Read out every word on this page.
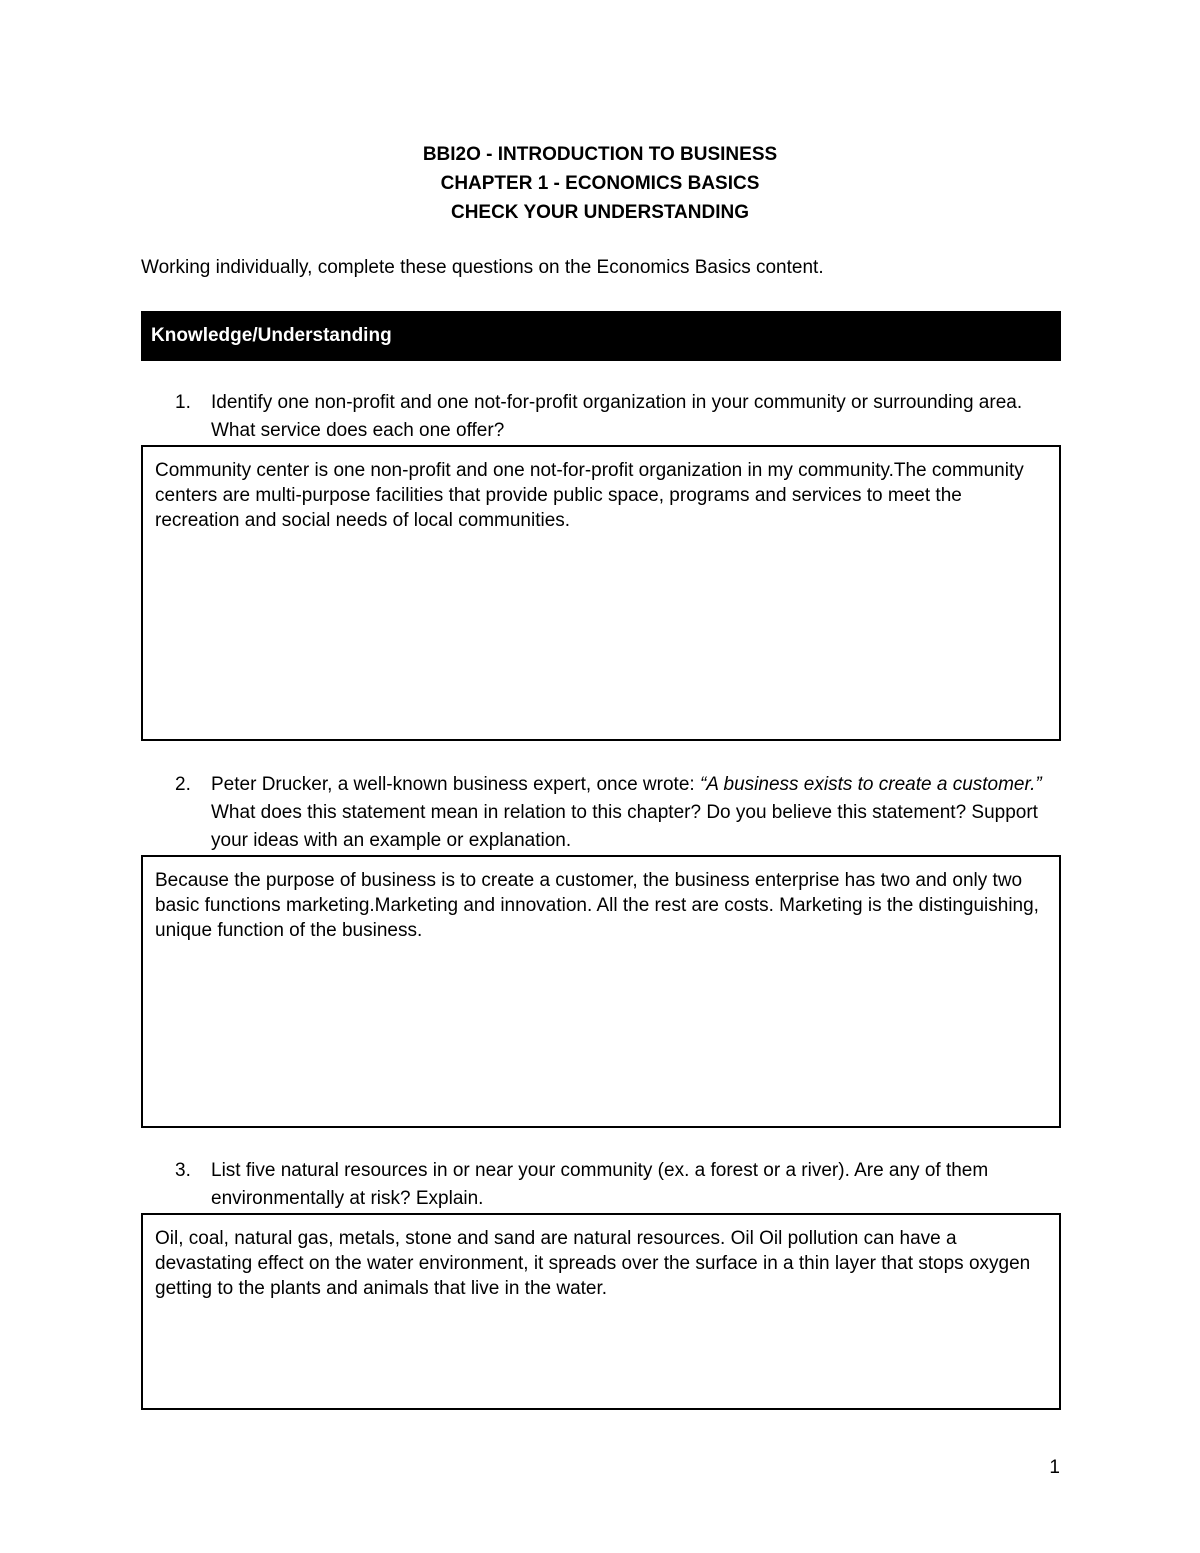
BBI2O - INTRODUCTION TO BUSINESS
CHAPTER 1 - ECONOMICS BASICS
CHECK YOUR UNDERSTANDING
Working individually, complete these questions on the Economics Basics content.
Knowledge/Understanding
1. Identify one non-profit and one not-for-profit organization in your community or surrounding area. What service does each one offer?
Community center is one non-profit and one not-for-profit organization in my community.The community centers are multi-purpose facilities that provide public space, programs and services to meet the recreation and social needs of local communities.
2. Peter Drucker, a well-known business expert, once wrote: “A business exists to create a customer.” What does this statement mean in relation to this chapter? Do you believe this statement? Support your ideas with an example or explanation.
Because the purpose of business is to create a customer, the business enterprise has two and only two basic functions marketing.Marketing and innovation. All the rest are costs. Marketing is the distinguishing, unique function of the business.
3. List five natural resources in or near your community (ex. a forest or a river). Are any of them environmentally at risk? Explain.
Oil, coal, natural gas, metals, stone and sand are natural resources. Oil Oil pollution can have a devastating effect on the water environment, it spreads over the surface in a thin layer that stops oxygen getting to the plants and animals that live in the water.
1
